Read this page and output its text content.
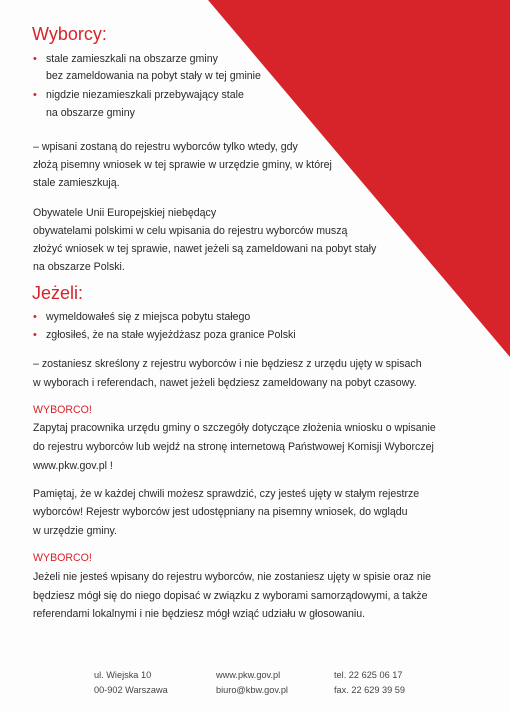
Wyborcy:
• stale zamieszkali na obszarze gminy
bez zameldowania na pobyt stały w tej gminie
• nigdzie niezamieszkali przebywający stale
na obszarze gminy
– wpisani zostaną do rejestru wyborców tylko wtedy, gdy
złożą pisemny wniosek w tej sprawie w urzędzie gminy, w której
stale zamieszkują.
Obywatele Unii Europejskiej niebędący
obywatelami polskimi w celu wpisania do rejestru wyborców muszą
złożyć wniosek w tej sprawie, nawet jeżeli są zameldowani na pobyt stały
na obszarze Polski.
Jeżeli:
• wymeldowałeś się z miejsca pobytu stałego
• zgłosiłeś, że na stałe wyjeżdżasz poza granice Polski
– zostaniesz skreślony z rejestru wyborców i nie będziesz z urzędu ujęty w spisach
w wyborach i referendach, nawet jeżeli będziesz zameldowany na pobyt czasowy.
WYBORCO!
Zapytaj pracownika urzędu gminy o szczegóły dotyczące złożenia wniosku o wpisanie
do rejestru wyborców lub wejdź na stronę internetową Państwowej Komisji Wyborczej
www.pkw.gov.pl !
Pamiętaj, że w każdej chwili możesz sprawdzić, czy jesteś ujęty w stałym rejestrze
wyborców! Rejestr wyborców jest udostępniany na pisemny wniosek, do wglądu
w urzędzie gminy.
WYBORCO!
Jeżeli nie jesteś wpisany do rejestru wyborców, nie zostaniesz ujęty w spisie oraz nie
będziesz mógł się do niego dopisać w związku z wyborami samorządowymi, a także
referendami lokalnymi i nie będziesz mógł wziąć udziału w głosowaniu.
ul. Wiejska 10
00-902 Warszawa
www.pkw.gov.pl
biuro@kbw.gov.pl
tel. 22 625 06 17
fax. 22 629 39 59
